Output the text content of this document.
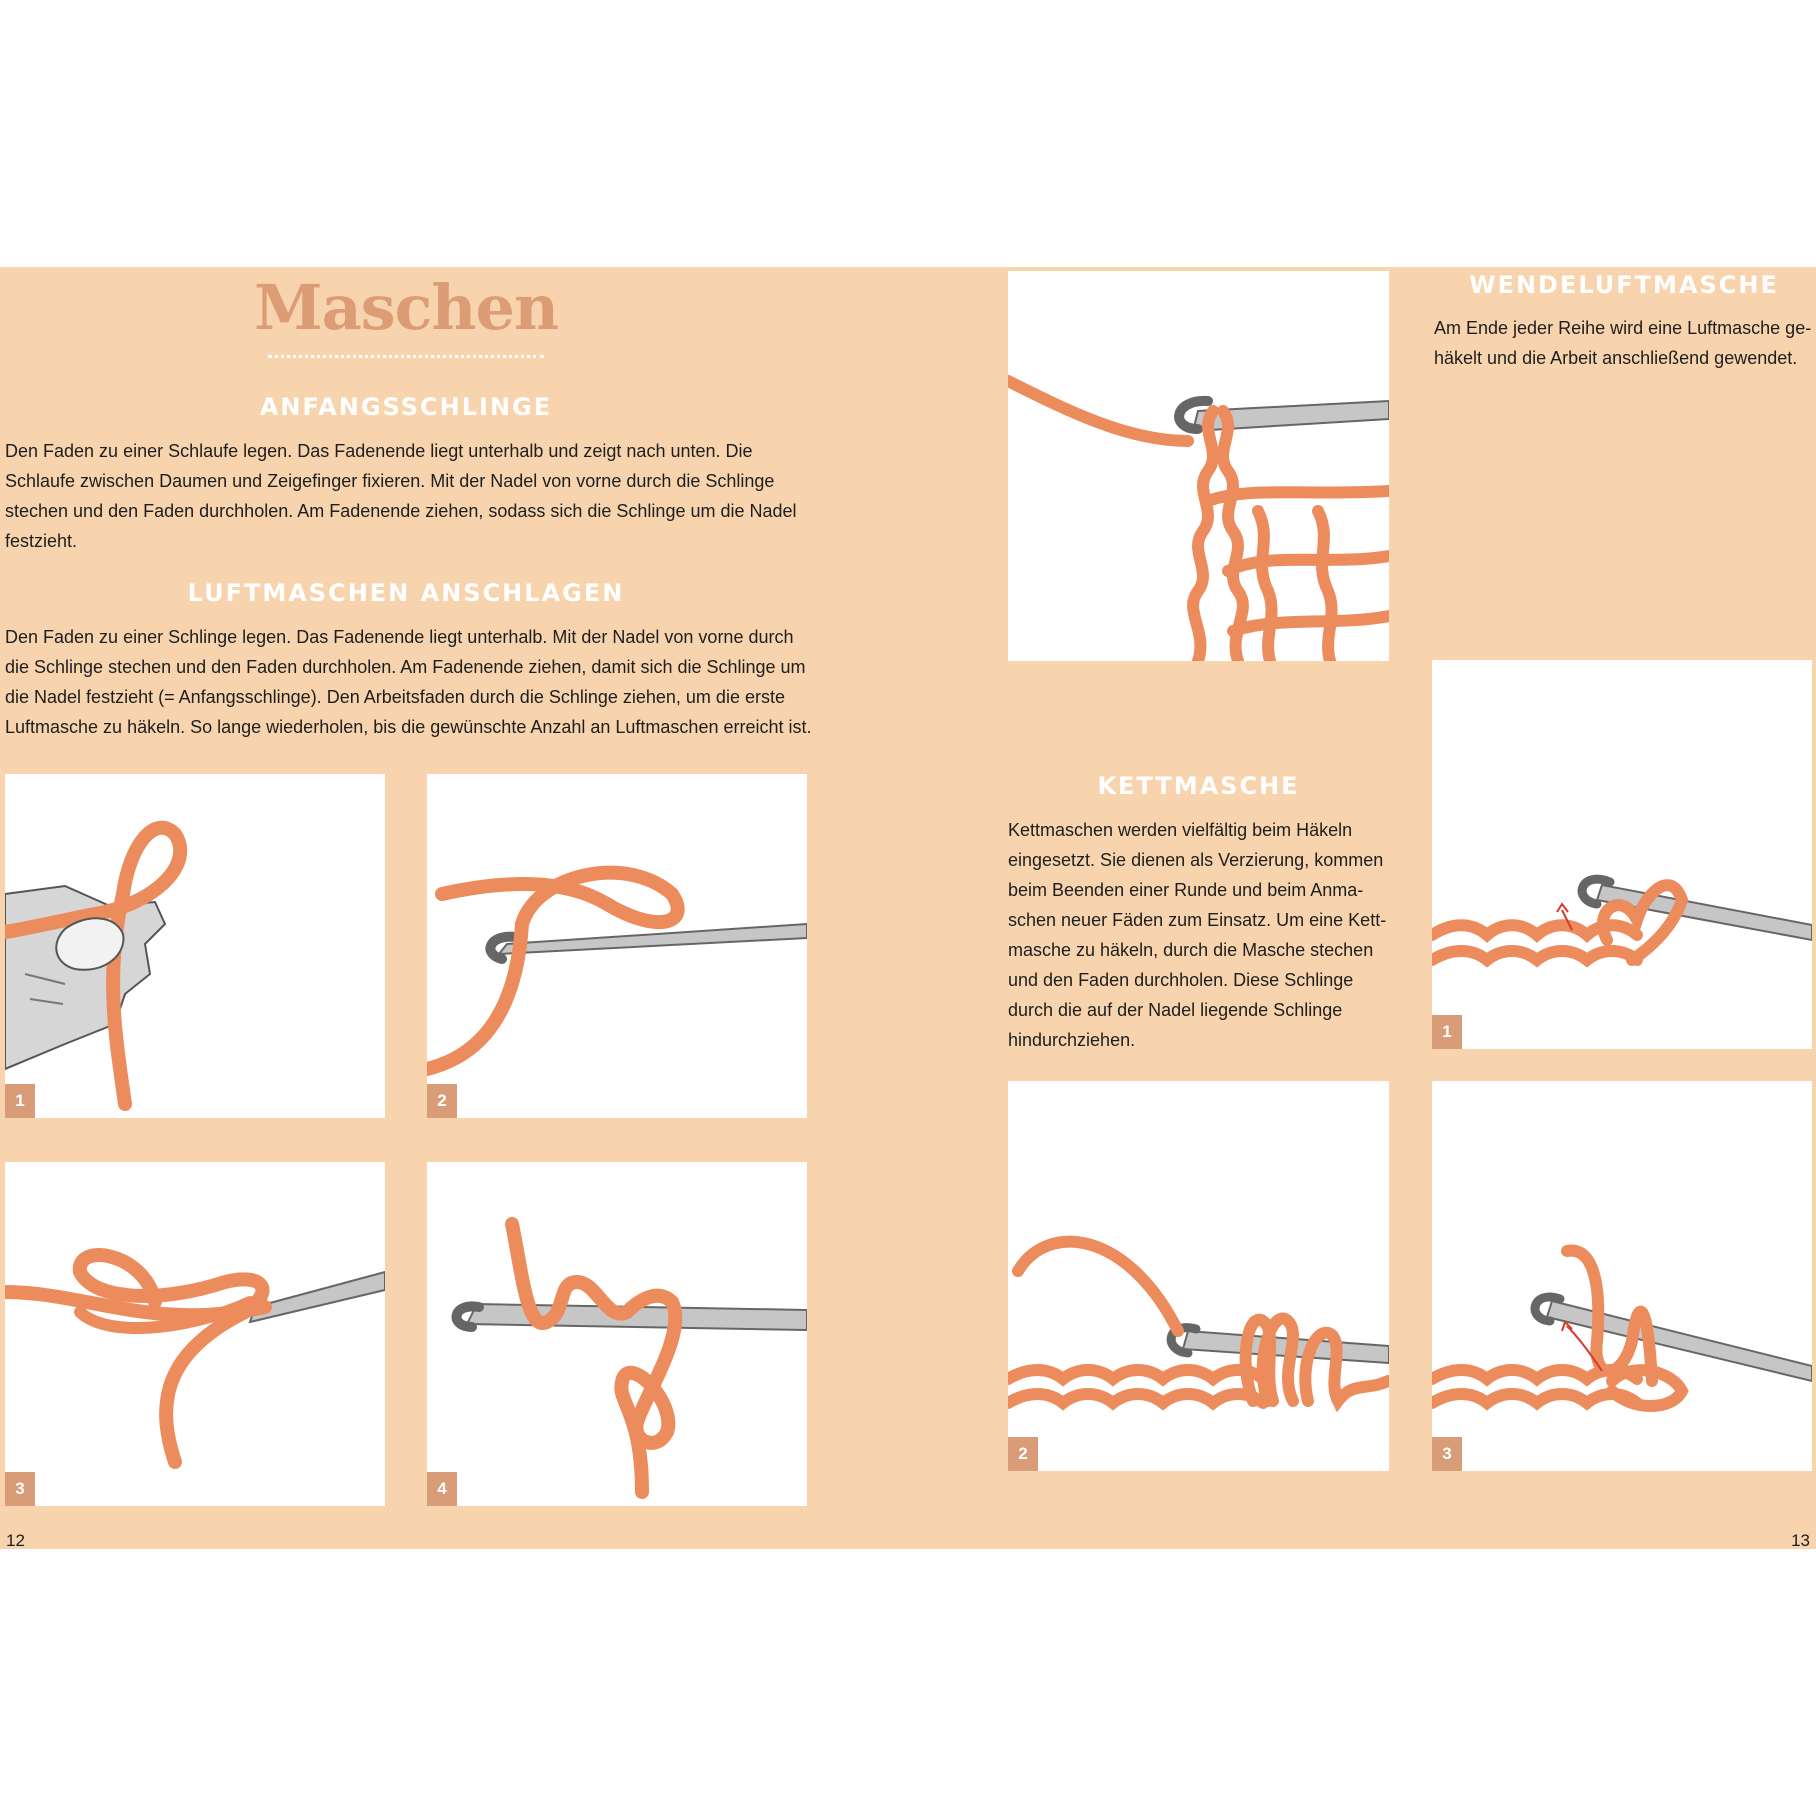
Maschen
ANFANGSSCHLINGE
Den Faden zu einer Schlaufe legen. Das Fadenende liegt unterhalb und zeigt nach unten. Die
Schlaufe zwischen Daumen und Zeigefinger fixieren. Mit der Nadel von vorne durch die Schlinge
stechen und den Faden durchholen. Am Fadenende ziehen, sodass sich die Schlinge um die Nadel
festzieht.
LUFTMASCHEN ANSCHLAGEN
Den Faden zu einer Schlinge legen. Das Fadenende liegt unterhalb. Mit der Nadel von vorne durch
die Schlinge stechen und den Faden durchholen. Am Fadenende ziehen, damit sich die Schlinge um
die Nadel festzieht (= Anfangsschlinge). Den Arbeitsfaden durch die Schlinge ziehen, um die erste
Luftmasche zu häkeln. So lange wiederholen, bis die gewünschte Anzahl an Luftmaschen erreicht ist.
1	2
3	4

12

WENDELUFTMASCHE
Am Ende jeder Reihe wird eine Luftmasche ge-
häkelt und die Arbeit anschließend gewendet.
KETTMASCHE
Kettmaschen werden vielfältig beim Häkeln
eingesetzt. Sie dienen als Verzierung, kommen
beim Beenden einer Runde und beim Anma-
schen neuer Fäden zum Einsatz. Um eine Kett-
masche zu häkeln, durch die Masche stechen
und den Faden durchholen. Diese Schlinge
durch die auf der Nadel liegende Schlinge
hindurchziehen.	1
2	3

13
